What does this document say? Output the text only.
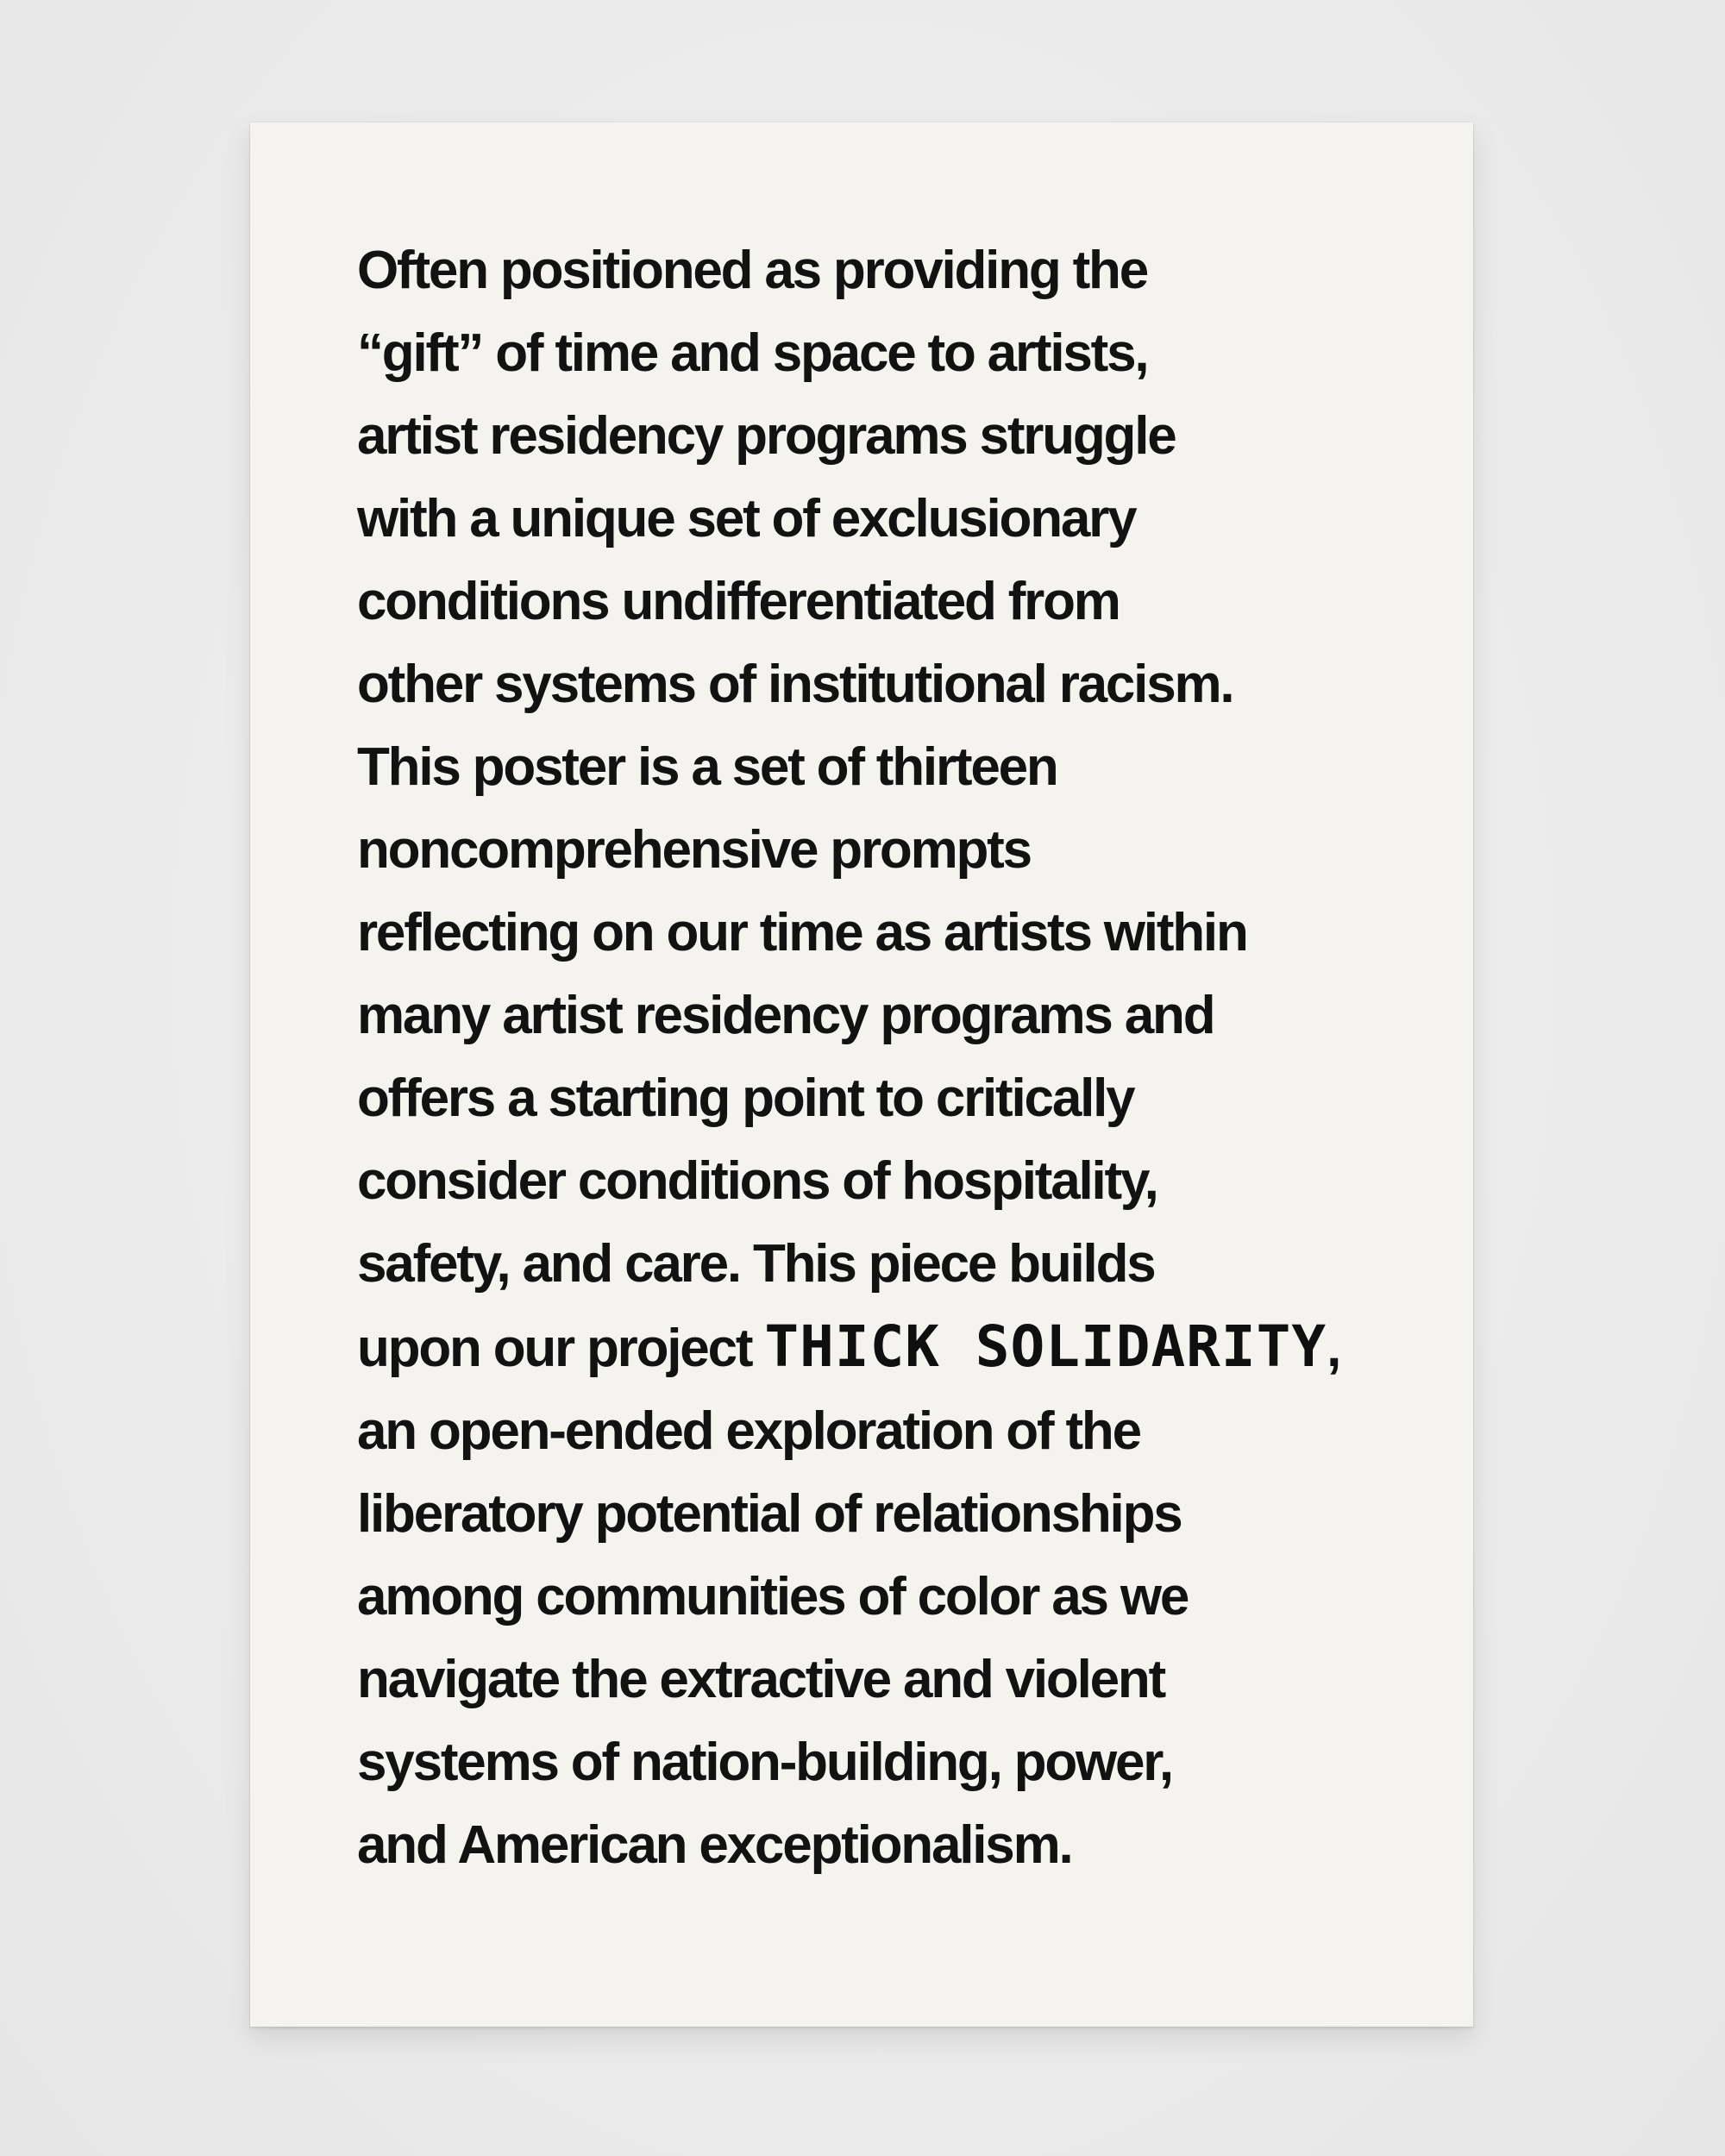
Often positioned as providing the
“gift” of time and space to artists,
artist residency programs struggle
with a unique set of exclusionary
conditions undifferentiated from
other systems of institutional racism.
This poster is a set of thirteen
noncomprehensive prompts
reflecting on our time as artists within
many artist residency programs and
offers a starting point to critically
consider conditions of hospitality,
safety, and care. This piece builds
upon our project THICK SOLIDARITY,
an open-ended exploration of the
liberatory potential of relationships
among communities of color as we
navigate the extractive and violent
systems of nation-building, power,
and American exceptionalism.
